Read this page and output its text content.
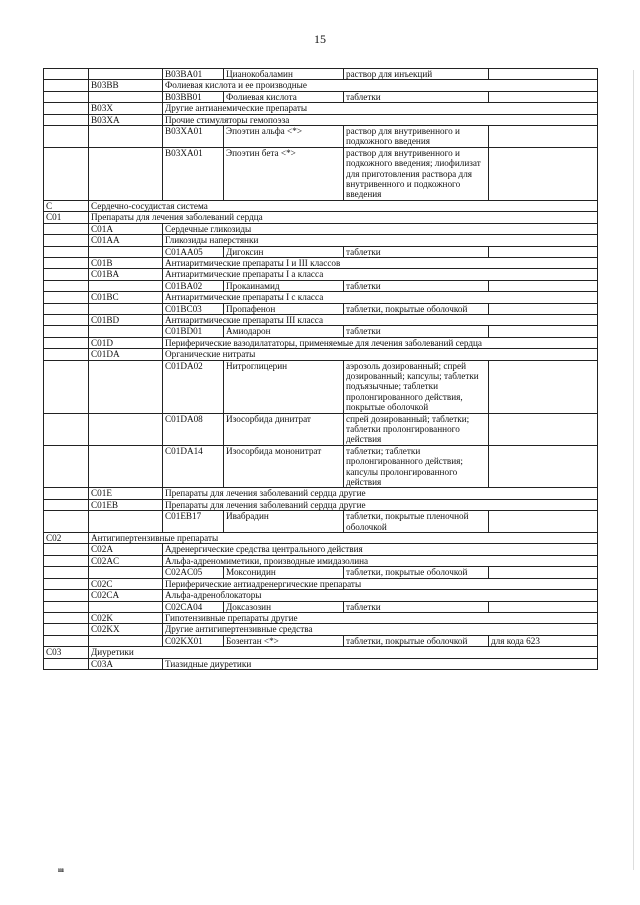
15
		B03BA01	Цианокобаламин	раствор для инъекций	
	B03BB	Фолиевая кислота и ее производные			
		B03BB01	Фолиевая кислота	таблетки	
	B03X	Другие антианемические препараты			
	B03XA	Прочие стимуляторы гемопоэза			
		B03XA01	Эпоэтин альфа <*>	раствор для внутривенного и подкожного введения	
		B03XA01	Эпоэтин бета <*>	раствор для внутривенного и подкожного введения; лиофилизат для приготовления раствора для внутривенного и подкожного введения	
C	Сердечно-сосудистая система				
C01	Препараты для лечения заболеваний сердца				
	C01A	Сердечные гликозиды			
	C01AA	Гликозиды наперстянки			
		C01AA05	Дигоксин	таблетки	
	C01B	Антиаритмические препараты I и III классов			
	C01BA	Антиаритмические препараты I а класса			
		C01BA02	Прокаинамид	таблетки	
	C01BC	Антиаритмические препараты I с класса			
		C01BC03	Пропафенон	таблетки, покрытые оболочкой	
	C01BD	Антиаритмические препараты III класса			
		C01BD01	Амиодарон	таблетки	
	C01D	Периферические вазодилататоры, применяемые для лечения заболеваний сердца			
	C01DA	Органические нитраты			
		C01DA02	Нитроглицерин	аэрозоль дозированный; спрей дозированный; капсулы; таблетки подъязычные; таблетки пролонгированного действия, покрытые оболочкой	
		C01DA08	Изосорбида динитрат	спрей дозированный; таблетки; таблетки пролонгированного действия	
		C01DA14	Изосорбида мононитрат	таблетки; таблетки пролонгированного действия; капсулы пролонгированного действия	
	C01E	Препараты для лечения заболеваний сердца другие			
	C01EB	Препараты для лечения заболеваний сердца другие			
		C01EB17	Ивабрадин	таблетки, покрытые пленочной оболочкой	
C02	Антигипертензивные препараты				
	C02A	Адренергические средства центрального действия			
	C02AC	Альфа-адреномиметики, производные имидазолина			
		C02AC05	Моксонидин	таблетки, покрытые оболочкой	
	C02C	Периферические антиадренергические препараты			
	C02CA	Альфа-адреноблокаторы			
		C02CA04	Доксазозин	таблетки	
	C02K	Гипотензивные препараты другие			
	C02KX	Другие антигипертензивные средства			
		C02KX01	Бозентан <*>	таблетки, покрытые оболочкой	для кода 623
C03	Диуретики				
	C03A	Тиазидные диуретики			
ııı
